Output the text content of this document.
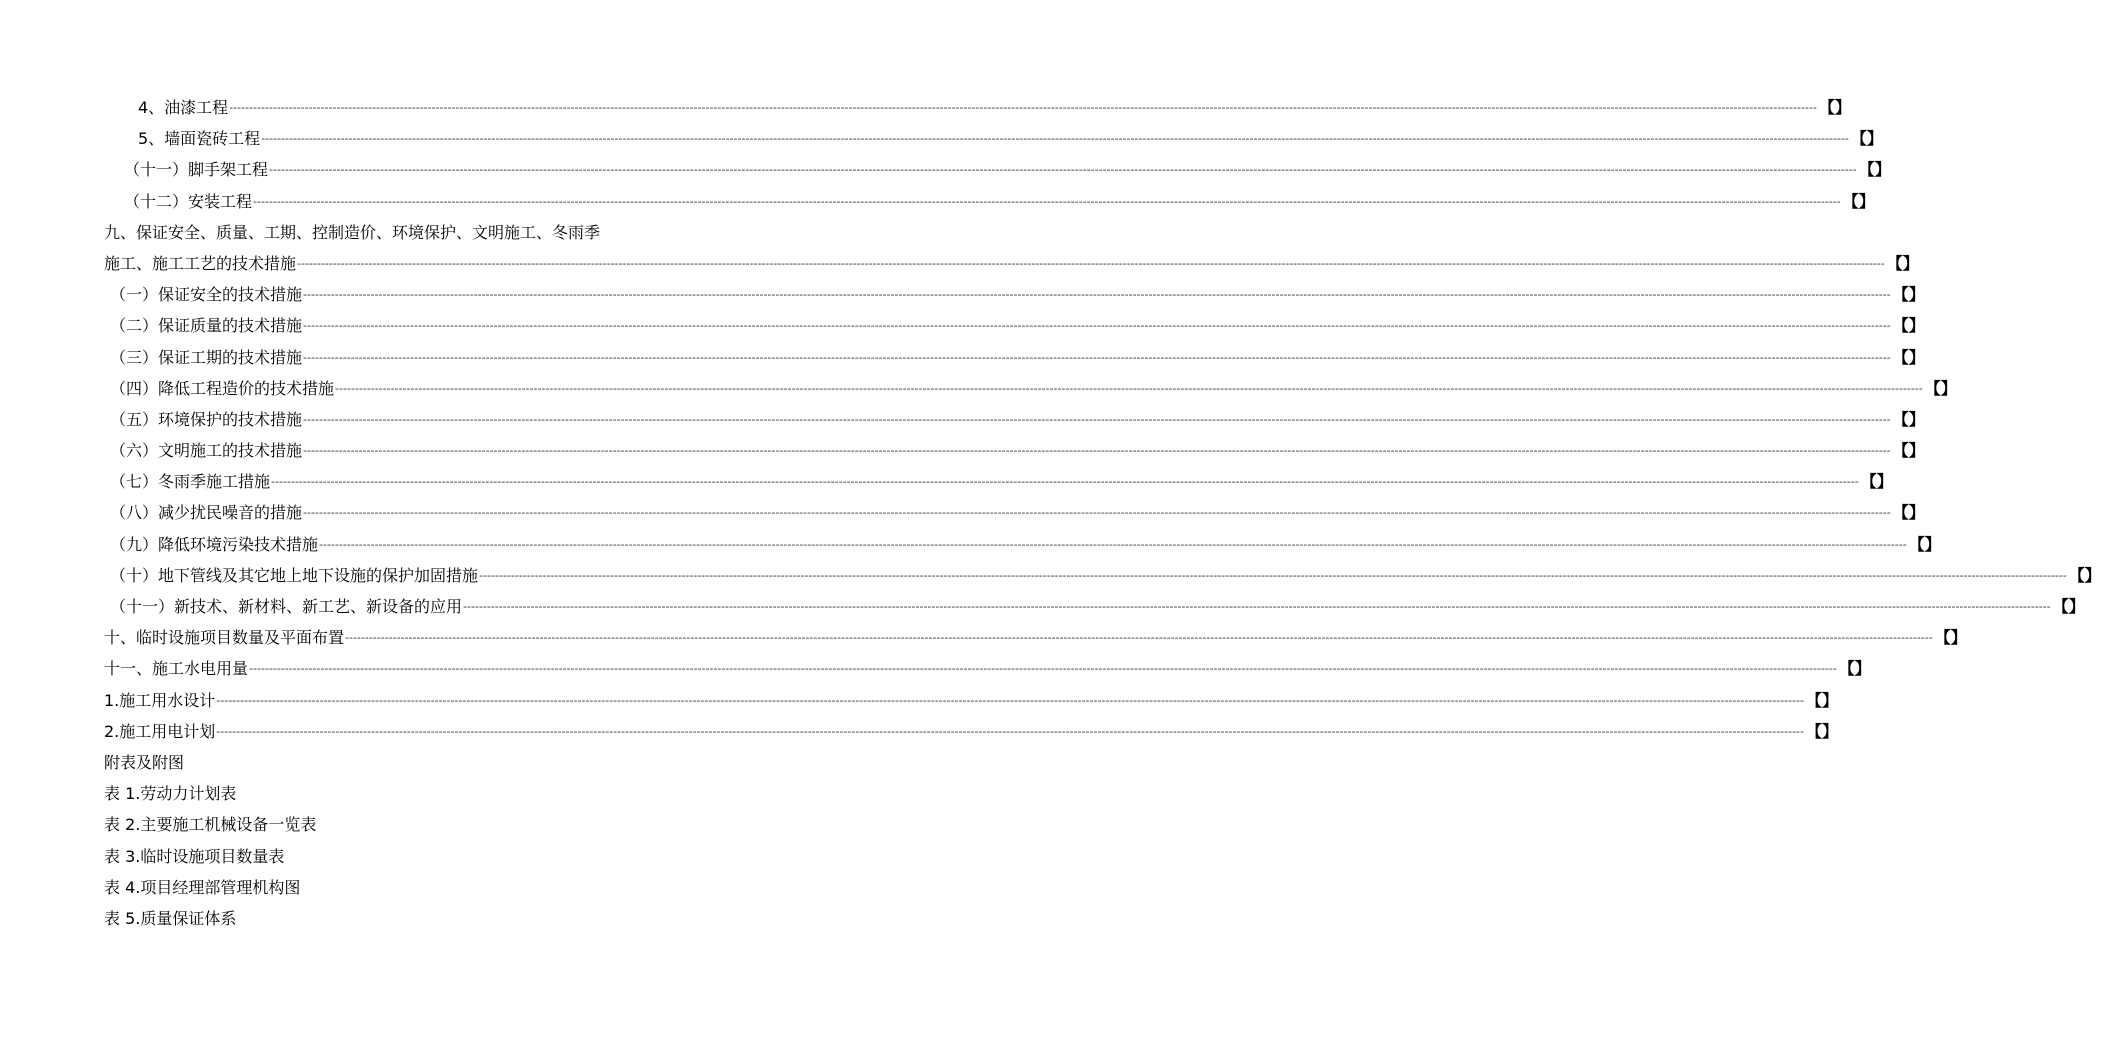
4、油漆工程 ---------------------------------------------------------------------------------------------------------------------------------------------------------------------------------------------------------------------------------------------------------------------------------------------------------------------------------------------------------------------------------------------------------------- 【】
5、墙面瓷砖工程 ---------------------------------------------------------------------------------------------------------------------------------------------------------------------------------------------------------------------------------------------------------------------------------------------------------------------------------------------------------------------------------------------------------------- 【】
（十一）脚手架工程 ---------------------------------------------------------------------------------------------------------------------------------------------------------------------------------------------------------------------------------------------------------------------------------------------------------------------------------------------------------------------------------------------------------------- 【】
（十二）安装工程 ---------------------------------------------------------------------------------------------------------------------------------------------------------------------------------------------------------------------------------------------------------------------------------------------------------------------------------------------------------------------------------------------------------------- 【】
九、保证安全、质量、工期、控制造价、环境保护、文明施工、冬雨季
施工、施工工艺的技术措施 ---------------------------------------------------------------------------------------------------------------------------------------------------------------------------------------------------------------------------------------------------------------------------------------------------------------------------------------------------------------------------------------------------------------- 【】
（一）保证安全的技术措施 ---------------------------------------------------------------------------------------------------------------------------------------------------------------------------------------------------------------------------------------------------------------------------------------------------------------------------------------------------------------------------------------------------------------- 【】
（二）保证质量的技术措施 ---------------------------------------------------------------------------------------------------------------------------------------------------------------------------------------------------------------------------------------------------------------------------------------------------------------------------------------------------------------------------------------------------------------- 【】
（三）保证工期的技术措施 ---------------------------------------------------------------------------------------------------------------------------------------------------------------------------------------------------------------------------------------------------------------------------------------------------------------------------------------------------------------------------------------------------------------- 【】
（四）降低工程造价的技术措施 ---------------------------------------------------------------------------------------------------------------------------------------------------------------------------------------------------------------------------------------------------------------------------------------------------------------------------------------------------------------------------------------------------------------- 【】
（五）环境保护的技术措施 ---------------------------------------------------------------------------------------------------------------------------------------------------------------------------------------------------------------------------------------------------------------------------------------------------------------------------------------------------------------------------------------------------------------- 【】
（六）文明施工的技术措施 ---------------------------------------------------------------------------------------------------------------------------------------------------------------------------------------------------------------------------------------------------------------------------------------------------------------------------------------------------------------------------------------------------------------- 【】
（七）冬雨季施工措施 ---------------------------------------------------------------------------------------------------------------------------------------------------------------------------------------------------------------------------------------------------------------------------------------------------------------------------------------------------------------------------------------------------------------- 【】
（八）减少扰民噪音的措施 ---------------------------------------------------------------------------------------------------------------------------------------------------------------------------------------------------------------------------------------------------------------------------------------------------------------------------------------------------------------------------------------------------------------- 【】
（九）降低环境污染技术措施 ---------------------------------------------------------------------------------------------------------------------------------------------------------------------------------------------------------------------------------------------------------------------------------------------------------------------------------------------------------------------------------------------------------------- 【】
（十）地下管线及其它地上地下设施的保护加固措施 ---------------------------------------------------------------------------------------------------------------------------------------------------------------------------------------------------------------------------------------------------------------------------------------------------------------------------------------------------------------------------------------------------------------- 【】
（十一）新技术、新材料、新工艺、新设备的应用 ---------------------------------------------------------------------------------------------------------------------------------------------------------------------------------------------------------------------------------------------------------------------------------------------------------------------------------------------------------------------------------------------------------------- 【】
十、临时设施项目数量及平面布置 ---------------------------------------------------------------------------------------------------------------------------------------------------------------------------------------------------------------------------------------------------------------------------------------------------------------------------------------------------------------------------------------------------------------- 【】
十一、施工水电用量 ---------------------------------------------------------------------------------------------------------------------------------------------------------------------------------------------------------------------------------------------------------------------------------------------------------------------------------------------------------------------------------------------------------------- 【】
1.施工用水设计 ---------------------------------------------------------------------------------------------------------------------------------------------------------------------------------------------------------------------------------------------------------------------------------------------------------------------------------------------------------------------------------------------------------------- 【】
2.施工用电计划 ---------------------------------------------------------------------------------------------------------------------------------------------------------------------------------------------------------------------------------------------------------------------------------------------------------------------------------------------------------------------------------------------------------------- 【】
附表及附图
表 1.劳动力计划表
表 2.主要施工机械设备一览表
表 3.临时设施项目数量表
表 4.项目经理部管理机构图
表 5.质量保证体系
